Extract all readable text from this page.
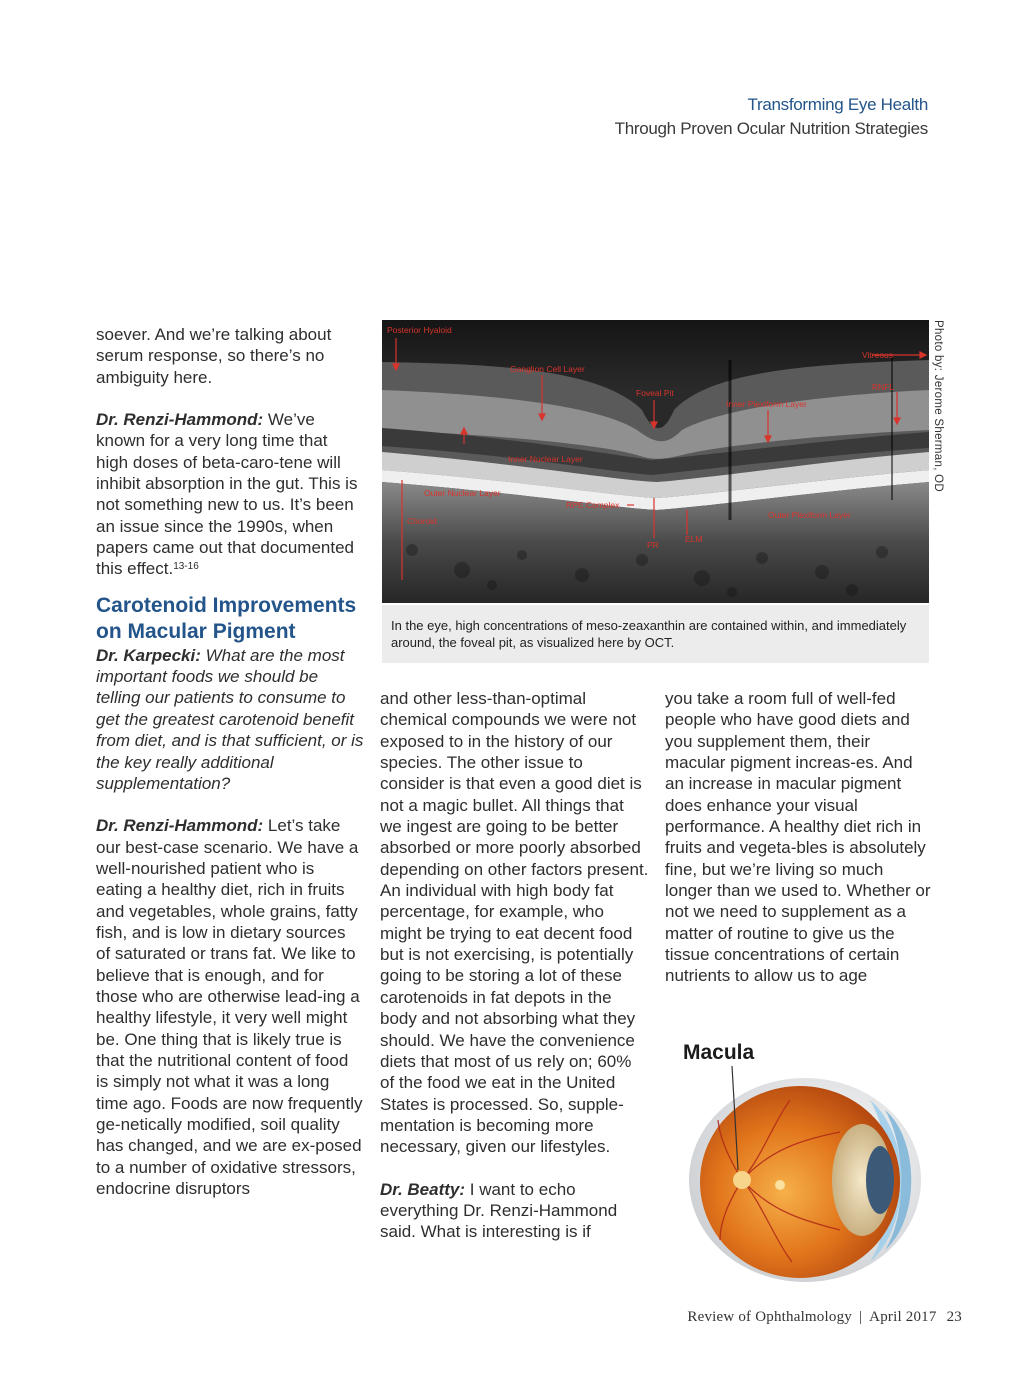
Transforming Eye Health
Through Proven Ocular Nutrition Strategies

soever. And we’re talking about serum response, so there’s no ambiguity here.

Dr. Renzi-Hammond: We’ve known for a very long time that high doses of beta-caro-tene will inhibit absorption in the gut. This is not something new to us. It’s been an issue since the 1990s, when papers came out that documented this effect.$^{13-16}$

Carotenoid Improvements on Macular Pigment

Dr. Karpecki: What are the most important foods we should be telling our patients to consume to get the greatest carotenoid benefit from diet, and is that sufficient, or is the key really additional supplementation?

Dr. Renzi-Hammond: Let’s take our best-case scenario. We have a well-nourished patient who is eating a healthy diet, rich in fruits and vegetables, whole grains, fatty fish, and is low in dietary sources of saturated or trans fat. We like to believe that is enough, and for those who are otherwise lead-ing a healthy lifestyle, it very well might be. One thing that is likely true is that the nutritional content of food is simply not what it was a long time ago. Foods are now frequently ge-netically modified, soil quality has changed, and we are ex-posed to a number of oxidative stressors, endocrine disruptors

Posterior Hyaloid
Vitreous
Ganglion Cell Layer
RNFL
Foveal Pit
Inner Plexiform Layer
Inner Nuclear Layer
Outer Nuclear Layer
RPE Complex
Choroid
Outer Plexiform Layer
PR
ELM
In the eye, high concentrations of meso-zeaxanthin are contained within, and immediately around, the foveal pit, as visualized here by OCT.
Photo by: Jerome Sherman, OD

and other less-than-optimal chemical compounds we were not exposed to in the history of our species. The other issue to consider is that even a good diet is not a magic bullet. All things that we ingest are going to be better absorbed or more poorly absorbed depending on other factors present. An individual with high body fat percentage, for example, who might be trying to eat decent food but is not exercising, is potentially going to be storing a lot of these carotenoids in fat depots in the body and not absorbing what they should. We have the convenience diets that most of us rely on; 60% of the food we eat in the United States is processed. So, supple-mentation is becoming more necessary, given our lifestyles.

Dr. Beatty: I want to echo everything Dr. Renzi-Hammond said. What is interesting is if

you take a room full of well-fed people who have good diets and you supplement them, their macular pigment increas-es. And an increase in macular pigment does enhance your visual performance. A healthy diet rich in fruits and vegeta-bles is absolutely fine, but we’re living so much longer than we used to. Whether or not we need to supplement as a matter of routine to give us the tissue concentrations of certain nutrients to allow us to age

Macula
Review of Ophthalmology | April 2017 23
